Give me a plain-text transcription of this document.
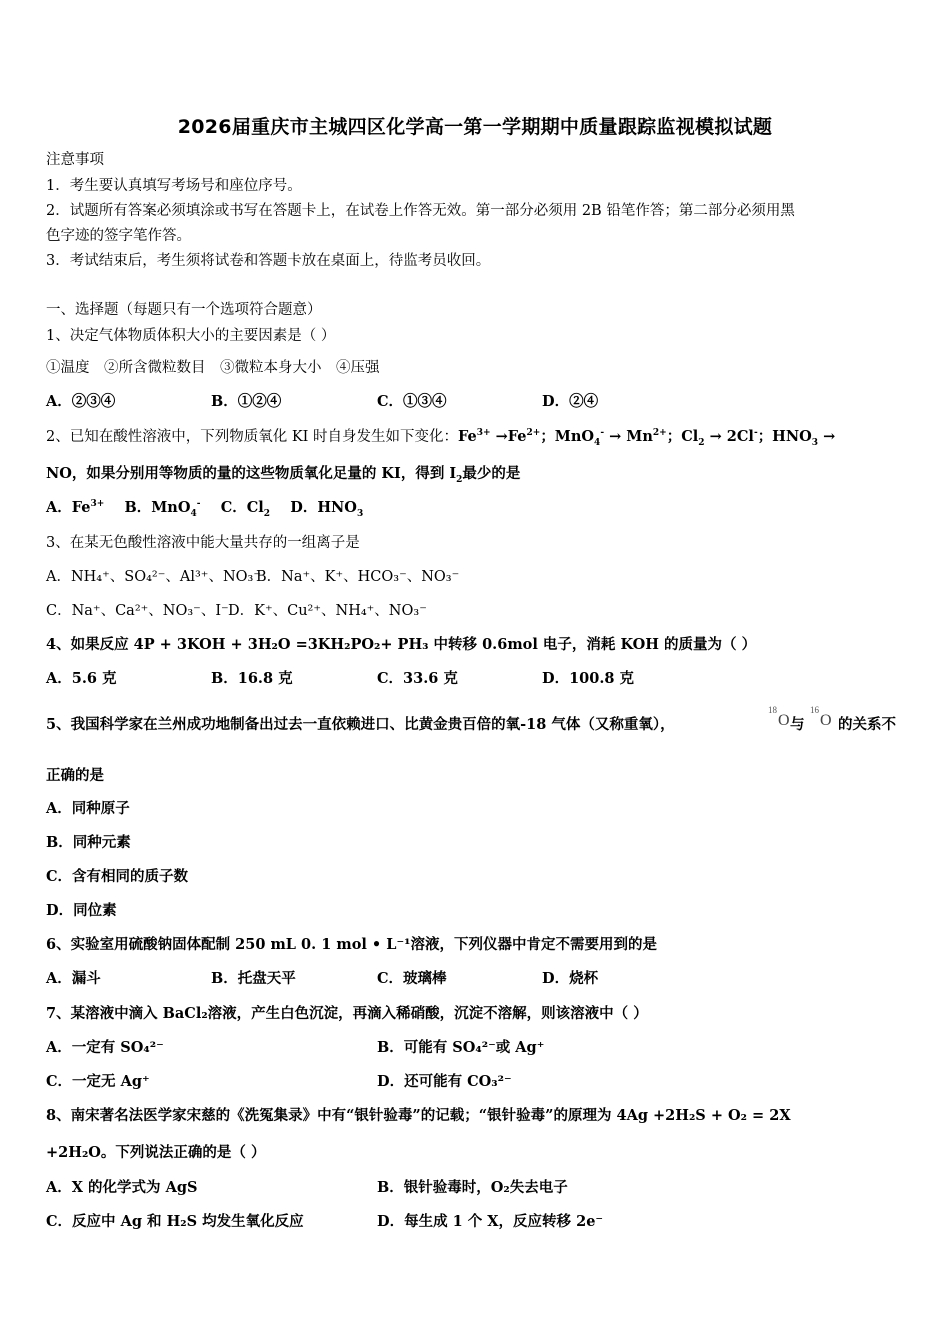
2026届重庆市主城四区化学高一第一学期期中质量跟踪监视模拟试题
注意事项
1．考生要认真填写考场号和座位序号。
2．试题所有答案必须填涂或书写在答题卡上，在试卷上作答无效。第一部分必须用 2B 铅笔作答；第二部分必须用黑
色字迹的签字笔作答。
3．考试结束后，考生须将试卷和答题卡放在桌面上，待监考员收回。
一、选择题（每题只有一个选项符合题意）
1、决定气体物质体积大小的主要因素是（ ）
①温度　②所含微粒数目　③微粒本身大小　④压强
A．②③④	B．①②④	C．①③④	D．②④
2、已知在酸性溶液中，下列物质氧化 KI 时自身发生如下变化：$Fe^{3+} \to Fe^{2+}$；$MnO_4^- \to Mn^{2+}$；$Cl_2 \to 2Cl^-$；$HNO_3$ →
NO，如果分别用等物质的量的这些物质氧化足量的 KI，得到 $I_2$最少的是
A．$Fe^{3+}$ B．MnO$_4$- C．$Cl_2$ D．$HNO_3$
3、在某无色酸性溶液中能大量共存的一组离子是
A．NH₄⁺、SO₄²⁻、Al³⁺、NO₃⁻
B．Na⁺、K⁺、HCO₃⁻、NO₃⁻
C．Na⁺、Ca²⁺、NO₃⁻、I⁻ D．K⁺、Cu²⁺、NH₄⁺、NO₃⁻
4、如果反应 4P + 3KOH + 3H₂O =3KH₂PO₂+ PH₃ 中转移 0.6mol 电子，消耗 KOH 的质量为（ ）
A．5.6 克	B．16.8 克	C．33.6 克	D．100.8 克
5、我国科学家在兰州成功地制备出过去一直依赖进口、比黄金贵百倍的氧-18 气体（又称重氧），
18
O 与
16
O 的关系不
正确的是
A．同种原子
B．同种元素
C．含有相同的质子数
D．同位素
6、实验室用硫酸钠固体配制 250 mL 0. 1 mol • L⁻¹溶液，下列仪器中肯定不需要用到的是
A．漏斗	B．托盘天平	C．玻璃棒	D．烧杯
7、某溶液中滴入 BaCl₂溶液，产生白色沉淀，再滴入稀硝酸，沉淀不溶解，则该溶液中（ ）
A．一定有 SO₄²⁻	B．可能有 SO₄²⁻或 Ag⁺
C．一定无 Ag⁺	D．还可能有 CO₃²⁻
8、南宋著名法医学家宋慈的《洗冤集录》中有“银针验毒”的记载；“银针验毒”的原理为 4Ag +2H₂S + O₂ = 2X
+2H₂O。下列说法正确的是（ ）
A．X 的化学式为 AgS	B．银针验毒时，O₂失去电子
C．反应中 Ag 和 H₂S 均发生氧化反应	D．每生成 1 个 X，反应转移 2e⁻
